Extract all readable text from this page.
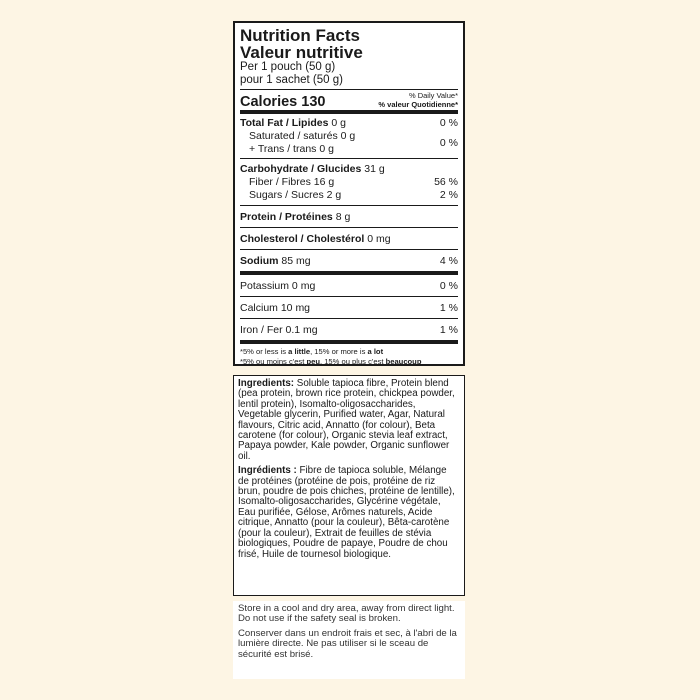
Nutrition Facts
Valeur nutritive
Per 1 pouch (50 g)
pour 1 sachet (50 g)
Calories 130	% Daily Value*
% valeur Quotidienne*
Total Fat / Lipides 0 g	0 %
Saturated / saturés 0 g
+ Trans / trans 0 g	0 %
Carbohydrate / Glucides 31 g
Fiber / Fibres 16 g	56 %
Sugars / Sucres 2 g	2 %
Protein / Protéines 8 g
Cholesterol / Cholestérol 0 mg
Sodium 85 mg	4 %
Potassium 0 mg	0 %
Calcium 10 mg	1 %
Iron / Fer 0.1 mg	1 %
*5% or less is a little, 15% or more is a lot
*5% ou moins c'est peu, 15% ou plus c'est beaucoup

Ingredients: Soluble tapioca fibre, Protein blend (pea protein, brown rice protein, chickpea powder, lentil protein), Isomalto-oligosaccharides, Vegetable glycerin, Purified water, Agar, Natural flavours, Citric acid, Annatto (for colour), Beta carotene (for colour), Organic stevia leaf extract, Papaya powder, Kale powder, Organic sunflower oil.

Ingrédients : Fibre de tapioca soluble, Mélange de protéines (protéine de pois, protéine de riz brun, poudre de pois chiches, protéine de lentille), Isomalto-oligosaccharides, Glycérine végétale, Eau purifiée, Gélose, Arômes naturels, Acide citrique, Annatto (pour la couleur), Bêta-carotène (pour la couleur), Extrait de feuilles de stévia biologiques, Poudre de papaye, Poudre de chou frisé, Huile de tournesol biologique.

Store in a cool and dry area, away from direct light. Do not use if the safety seal is broken.

Conserver dans un endroit frais et sec, à l'abri de la lumière directe. Ne pas utiliser si le sceau de sécurité est brisé.
